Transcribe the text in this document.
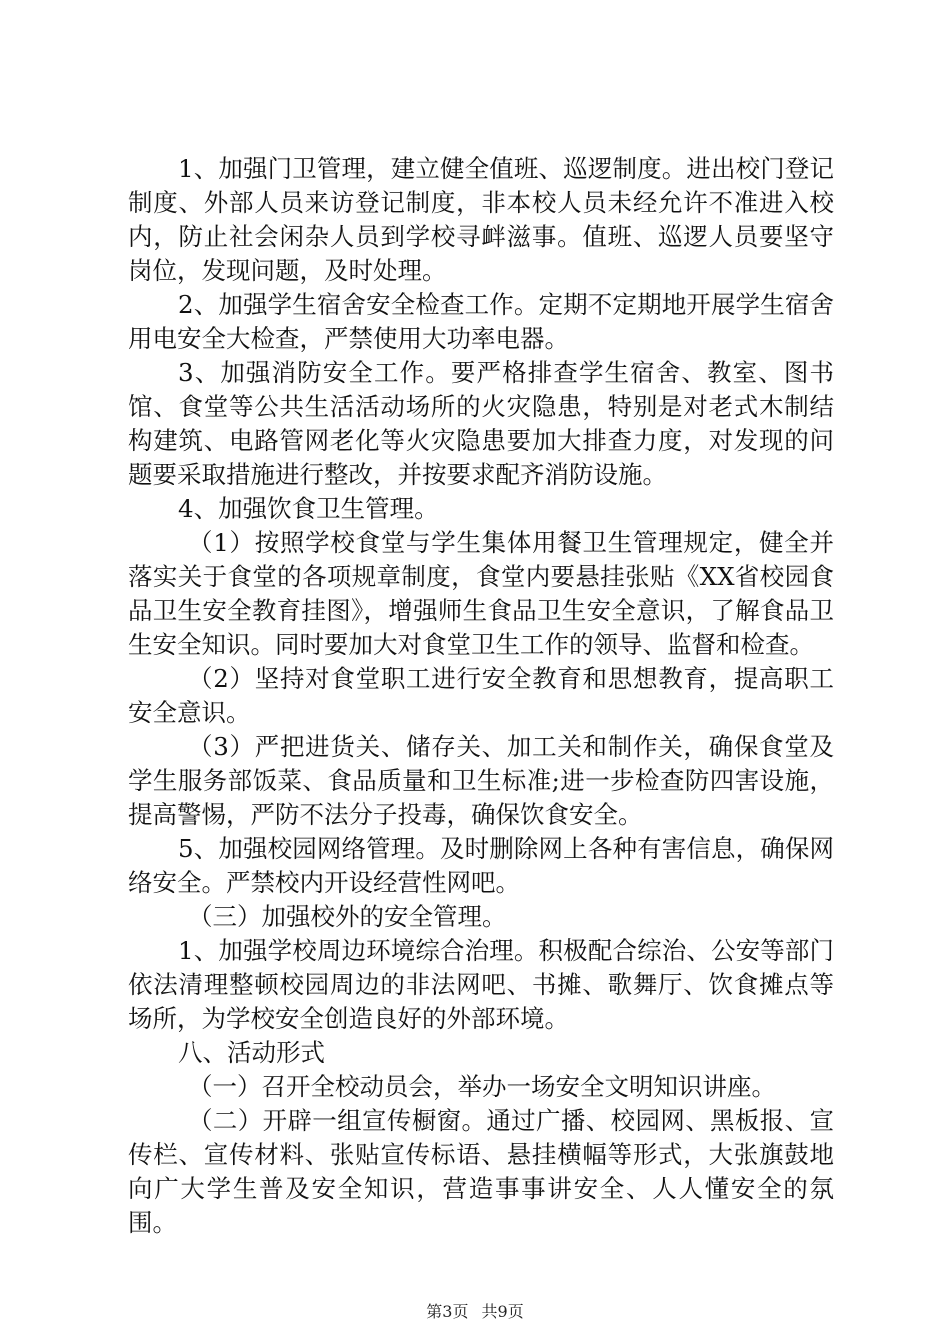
1、加强门卫管理，建立健全值班、巡逻制度。进出校门登记制度、外部人员来访登记制度，非本校人员未经允许不准进入校内，防止社会闲杂人员到学校寻衅滋事。值班、巡逻人员要坚守岗位，发现问题，及时处理。

2、加强学生宿舍安全检查工作。定期不定期地开展学生宿舍用电安全大检查，严禁使用大功率电器。

3、加强消防安全工作。要严格排查学生宿舍、教室、图书馆、食堂等公共生活活动场所的火灾隐患，特别是对老式木制结构建筑、电路管网老化等火灾隐患要加大排查力度，对发现的问题要采取措施进行整改，并按要求配齐消防设施。

4、加强饮食卫生管理。

（1）按照学校食堂与学生集体用餐卫生管理规定，健全并落实关于食堂的各项规章制度，食堂内要悬挂张贴《XX省校园食品卫生安全教育挂图》，增强师生食品卫生安全意识，了解食品卫生安全知识。同时要加大对食堂卫生工作的领导、监督和检查。

（2）坚持对食堂职工进行安全教育和思想教育，提高职工安全意识。

（3）严把进货关、储存关、加工关和制作关，确保食堂及学生服务部饭菜、食品质量和卫生标准;进一步检查防四害设施，提高警惕，严防不法分子投毒，确保饮食安全。

5、加强校园网络管理。及时删除网上各种有害信息，确保网络安全。严禁校内开设经营性网吧。

（三）加强校外的安全管理。

1、加强学校周边环境综合治理。积极配合综治、公安等部门依法清理整顿校园周边的非法网吧、书摊、歌舞厅、饮食摊点等场所，为学校安全创造良好的外部环境。

八、活动形式

（一）召开全校动员会，举办一场安全文明知识讲座。

（二）开辟一组宣传橱窗。通过广播、校园网、黑板报、宣传栏、宣传材料、张贴宣传标语、悬挂横幅等形式，大张旗鼓地向广大学生普及安全知识，营造事事讲安全、人人懂安全的氛围。

第3页 共9页
